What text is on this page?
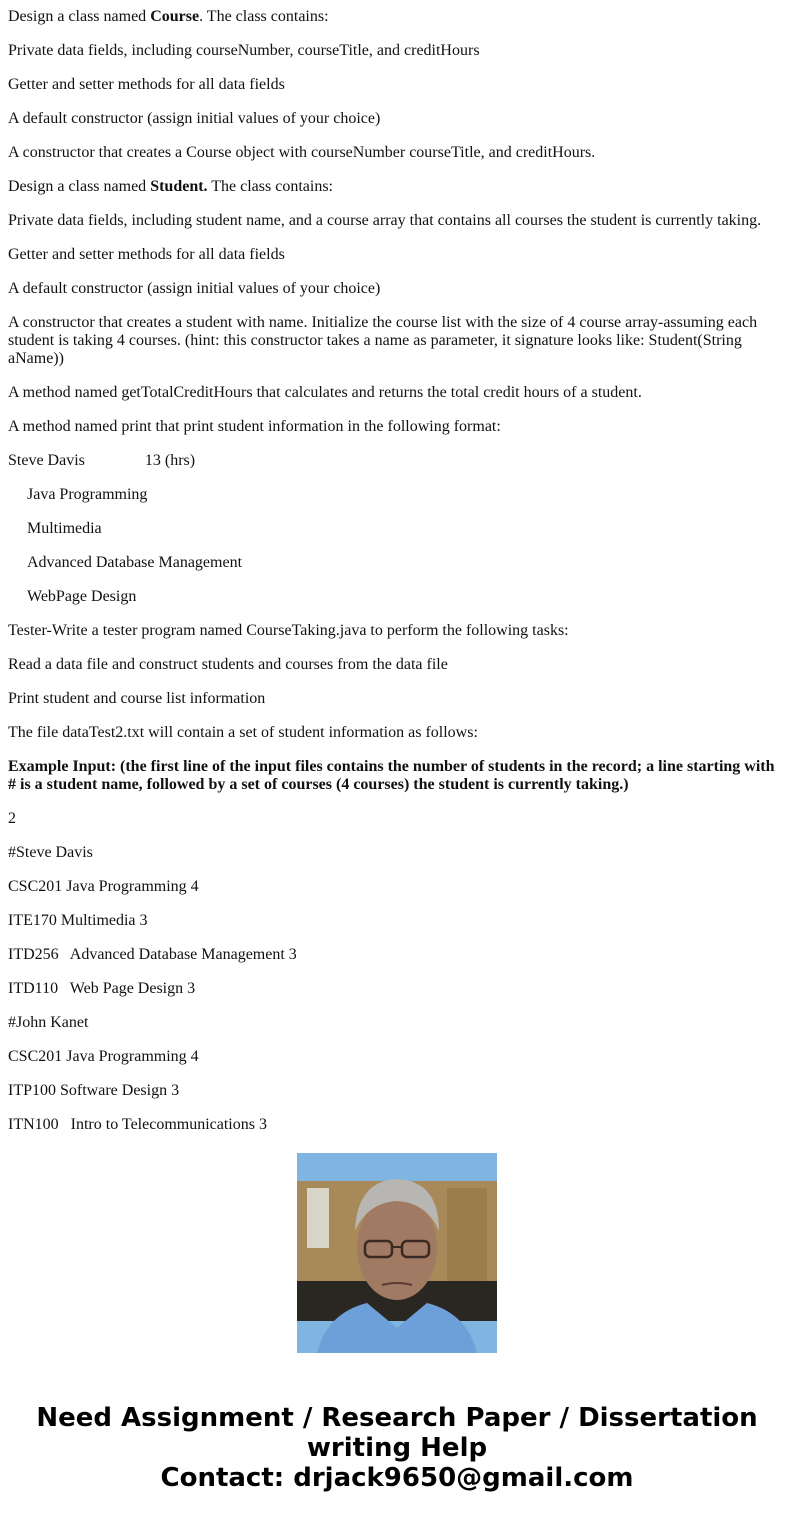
Design a class named Course. The class contains:

Private data fields, including courseNumber, courseTitle, and creditHours

Getter and setter methods for all data fields

A default constructor (assign initial values of your choice)

A constructor that creates a Course object with courseNumber courseTitle, and creditHours.

Design a class named Student. The class contains:

Private data fields, including student name, and a course array that contains all courses the student is currently taking.

Getter and setter methods for all data fields

A default constructor (assign initial values of your choice)

A constructor that creates a student with name. Initialize the course list with the size of 4 course array-assuming each student is taking 4 courses. (hint: this constructor takes a name as parameter, it signature looks like: Student(String aName))

A method named getTotalCreditHours that calculates and returns the total credit hours of a student.

A method named print that print student information in the following format:

Steve Davis               13 (hrs)

Java Programming

Multimedia

Advanced Database Management

WebPage Design

Tester-Write a tester program named CourseTaking.java to perform the following tasks:

Read a data file and construct students and courses from the data file

Print student and course list information

The file dataTest2.txt will contain a set of student information as follows:

Example Input: (the first line of the input files contains the number of students in the record; a line starting with # is a student name, followed by a set of courses (4 courses) the student is currently taking.)

2

#Steve Davis

CSC201 Java Programming 4

ITE170 Multimedia 3

ITD256   Advanced Database Management 3

ITD110   Web Page Design 3

#John Kanet

CSC201 Java Programming 4

ITP100 Software Design 3

ITN100   Intro to Telecommunications 3

Need Assignment / Research Paper / Dissertation
writing Help
Contact: drjack9650@gmail.com
